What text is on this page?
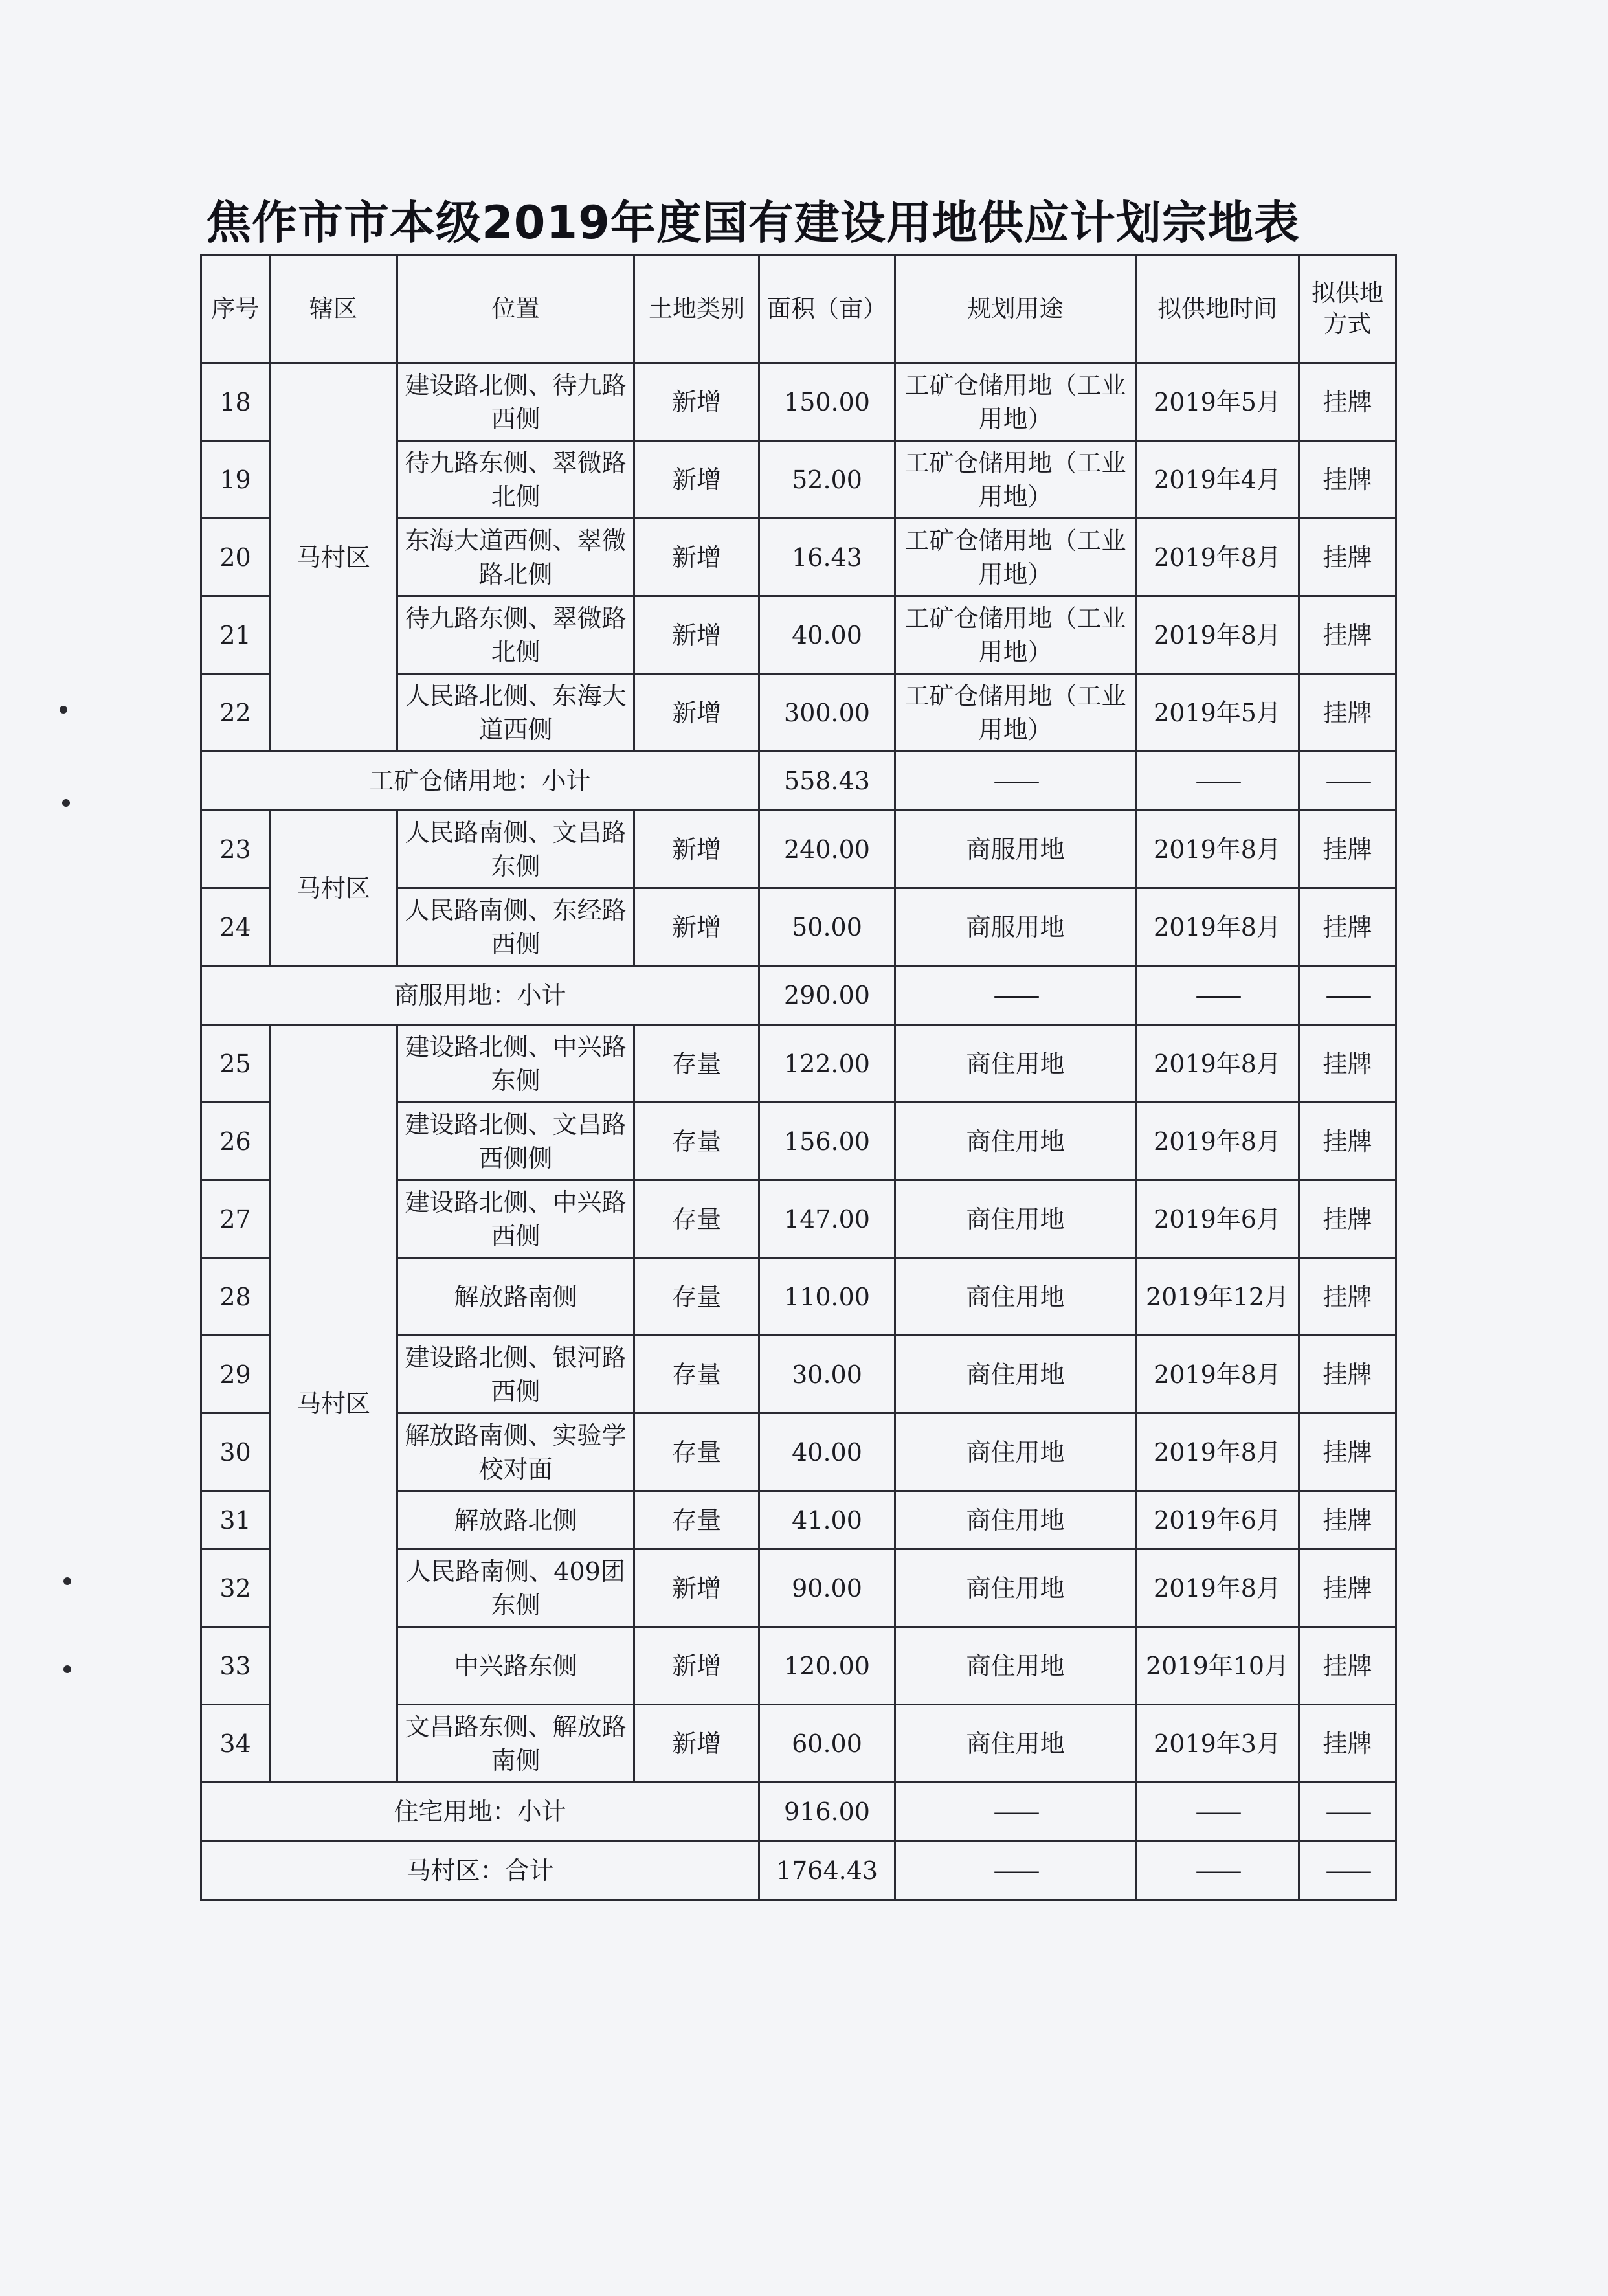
焦作市市本级2019年度国有建设用地供应计划宗地表
序号	辖区	位置	土地类别	面积（亩）	规划用途	拟供地时间	拟供地方式
18	马村区	建设路北侧、待九路西侧	新增	150.00	工矿仓储用地（工业用地）	2019年5月	挂牌
19		待九路东侧、翠微路北侧	新增	52.00	工矿仓储用地（工业用地）	2019年4月	挂牌
20		东海大道西侧、翠微路北侧	新增	16.43	工矿仓储用地（工业用地）	2019年8月	挂牌
21		待九路东侧、翠微路北侧	新增	40.00	工矿仓储用地（工业用地）	2019年8月	挂牌
22		人民路北侧、东海大道西侧	新增	300.00	工矿仓储用地（工业用地）	2019年5月	挂牌
工矿仓储用地：小计				558.43	——	——	——
23	马村区	人民路南侧、文昌路东侧	新增	240.00	商服用地	2019年8月	挂牌
24		人民路南侧、东经路西侧	新增	50.00	商服用地	2019年8月	挂牌
商服用地：小计				290.00	——	——	——
25	马村区	建设路北侧、中兴路东侧	存量	122.00	商住用地	2019年8月	挂牌
26		建设路北侧、文昌路西侧侧	存量	156.00	商住用地	2019年8月	挂牌
27		建设路北侧、中兴路西侧	存量	147.00	商住用地	2019年6月	挂牌
28		解放路南侧	存量	110.00	商住用地	2019年12月	挂牌
29		建设路北侧、银河路西侧	存量	30.00	商住用地	2019年8月	挂牌
30		解放路南侧、实验学校对面	存量	40.00	商住用地	2019年8月	挂牌
31		解放路北侧	存量	41.00	商住用地	2019年6月	挂牌
32		人民路南侧、409团东侧	新增	90.00	商住用地	2019年8月	挂牌
33		中兴路东侧	新增	120.00	商住用地	2019年10月	挂牌
34		文昌路东侧、解放路南侧	新增	60.00	商住用地	2019年3月	挂牌
住宅用地：小计				916.00	——	——	——
马村区：合计				1764.43	——	——	——
